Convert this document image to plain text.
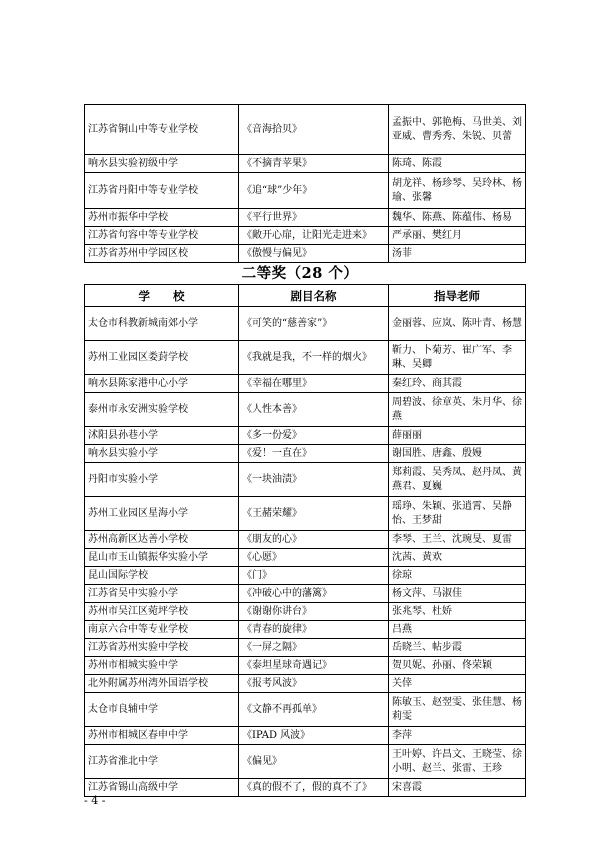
江苏省铜山中等专业学校	《音海拾贝》	孟振中、郭艳梅、马世美、刘亚威、曹秀秀、朱锐、贝蕾
响水县实验初级中学	《不摘青苹果》	陈琦、陈霞
江苏省丹阳中等专业学校	《追“球”少年》	胡龙祥、杨珍琴、吴玲林、杨瑜、张馨
苏州市振华中学校	《平行世界》	魏华、陈燕、陈蕴伟、杨易
江苏省句容中等专业学校	《敞开心扉，让阳光走进来》	严承丽、樊红月
江苏省苏州中学园区校	《傲慢与偏见》	汤菲
二等奖（28 个）
学　　校	剧目名称	指导老师
太仓市科教新城南郊小学	《可笑的“慈善家”》	金丽蓉、应岚、陈叶青、杨慧
苏州工业园区娄葑学校	《我就是我，不一样的烟火》	靳力、卜菊芳、崔广军、李琳、吴卿
响水县陈家港中心小学	《幸福在哪里》	秦红玲、商其霞
泰州市永安洲实验学校	《人性本善》	周碧波、徐章英、朱月华、徐燕
沭阳县孙巷小学	《多一份爱》	薛丽丽
响水县实验小学	《爱！一直在》	谢国胜、唐鑫、殷嫚
丹阳市实验小学	《一块油渍》	郑莉霞、吴秀凤、赵丹凤、黄燕君、夏巍
苏州工业园区星海小学	《王赭荣耀》	瑶琤、朱颖、张逍霄、吴静怡、王梦甜
苏州高新区达善小学校	《朋友的心》	李琴、王兰、沈琬旻、夏雷
昆山市玉山镇振华实验小学	《心愿》	沈茜、黄欢
昆山国际学校	《门》	徐琼
江苏省吴中实验小学	《冲破心中的藩篱》	杨文萍、马淑佳
苏州市吴江区菀坪学校	《谢谢你讲台》	张兆琴、杜娇
南京六合中等专业学校	《青春的旋律》	吕燕
江苏省苏州实验中学校	《一屏之隔》	岳晓兰、帖步霞
苏州市相城实验中学	《泰坦星球奇遇记》	贺贝妮、孙丽、佟荣颖
北外附属苏州湾外国语学校	《报考风波》	关倖
太仓市良辅中学	《文静不再孤单》	陈敏玉、赵翌雯、张佳慧、杨莉雯
苏州市相城区春申中学	《IPAD 风波》	李萍
江苏省淮北中学	《偏见》	王叶婷、许昌文、王晓莹、徐小明、赵兰、张雷、王珍
江苏省锡山高级中学	《真的假不了，假的真不了》	宋喜霞
- 4 -
